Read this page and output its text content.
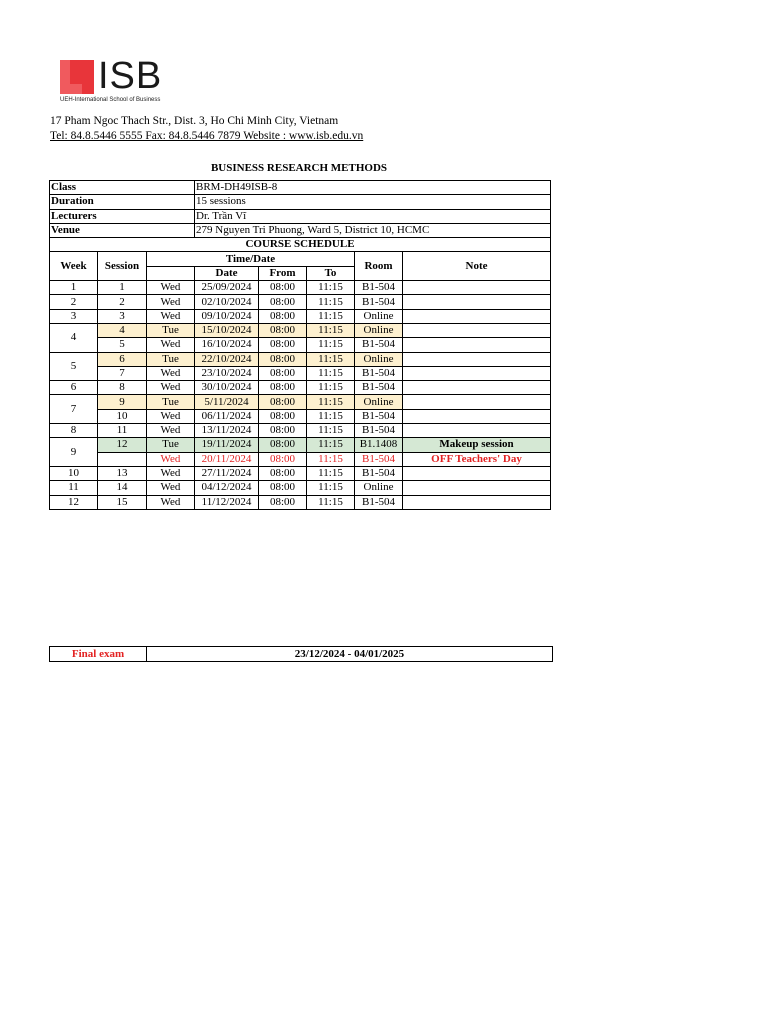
ISB
UEH-International School of Business
17 Pham Ngoc Thach Str., Dist. 3, Ho Chi Minh City, Vietnam
Tel: 84.8.5446 5555 Fax: 84.8.5446 7879 Website : www.isb.edu.vn
BUSINESS RESEARCH METHODS
Class			BRM-DH49ISB-8				
Duration			15 sessions				
Lecturers			Dr. Trần Vĩ				
Venue			279 Nguyen Tri Phuong, Ward 5, District 10, HCMC				
COURSE SCHEDULE							
Week	Session	Time/Date				Room	Note
			Date	From	To		
1	1	Wed	25/09/2024	08:00	11:15	B1-504	
2	2	Wed	02/10/2024	08:00	11:15	B1-504	
3	3	Wed	09/10/2024	08:00	11:15	Online	
4	4	Tue	15/10/2024	08:00	11:15	Online	
	5	Wed	16/10/2024	08:00	11:15	B1-504	
5	6	Tue	22/10/2024	08:00	11:15	Online	
	7	Wed	23/10/2024	08:00	11:15	B1-504	
6	8	Wed	30/10/2024	08:00	11:15	B1-504	
7	9	Tue	5/11/2024	08:00	11:15	Online	
	10	Wed	06/11/2024	08:00	11:15	B1-504	
8	11	Wed	13/11/2024	08:00	11:15	B1-504	
9	12	Tue	19/11/2024	08:00	11:15	B1.1408	Makeup session
		Wed	20/11/2024	08:00	11:15	B1-504	OFF Teachers' Day
10	13	Wed	27/11/2024	08:00	11:15	B1-504	
11	14	Wed	04/12/2024	08:00	11:15	Online	
12	15	Wed	11/12/2024	08:00	11:15	B1-504	
Final exam	23/12/2024 - 04/01/2025
